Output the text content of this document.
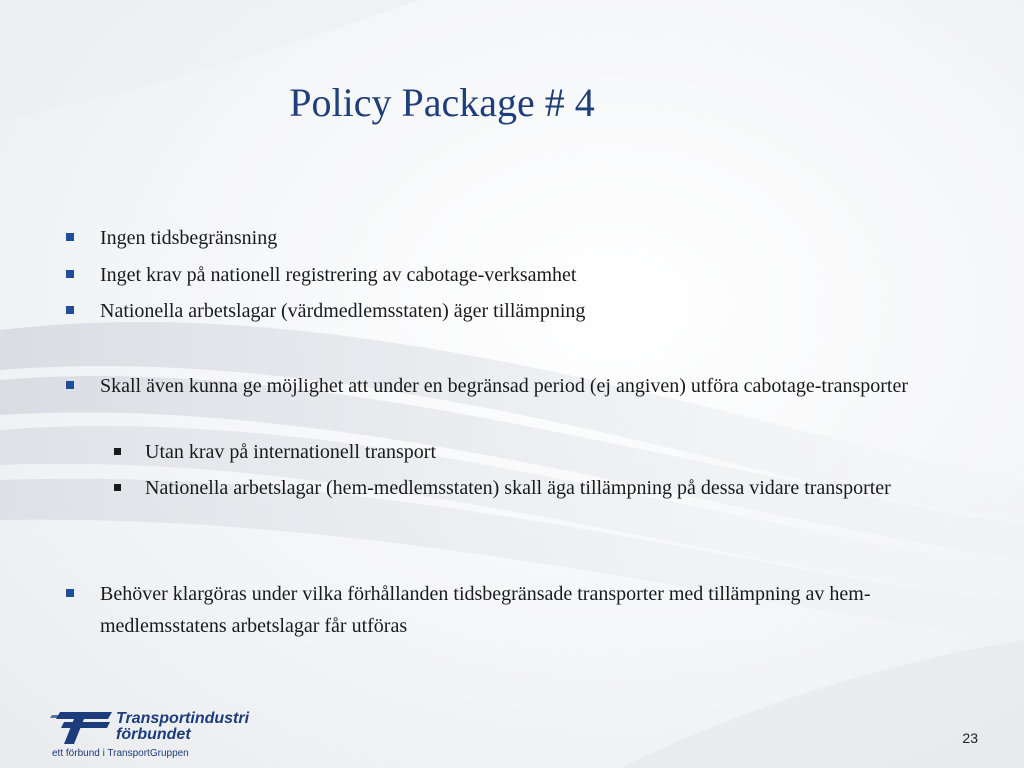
Policy Package # 4
Ingen tidsbegränsning
Inget krav på nationell registrering av cabotage-verksamhet
Nationella arbetslagar (värdmedlemsstaten) äger tillämpning
Skall även kunna ge möjlighet att under en begränsad period (ej angiven) utföra cabotage-transporter
Utan krav på internationell transport
Nationella arbetslagar (hem-medlemsstaten) skall äga tillämpning på dessa vidare transporter
Behöver klargöras under vilka förhållanden tidsbegränsade transporter med tillämpning av hem-medlemsstatens arbetslagar får utföras
Transportindustri
förbundet
ett förbund i TransportGruppen
23
